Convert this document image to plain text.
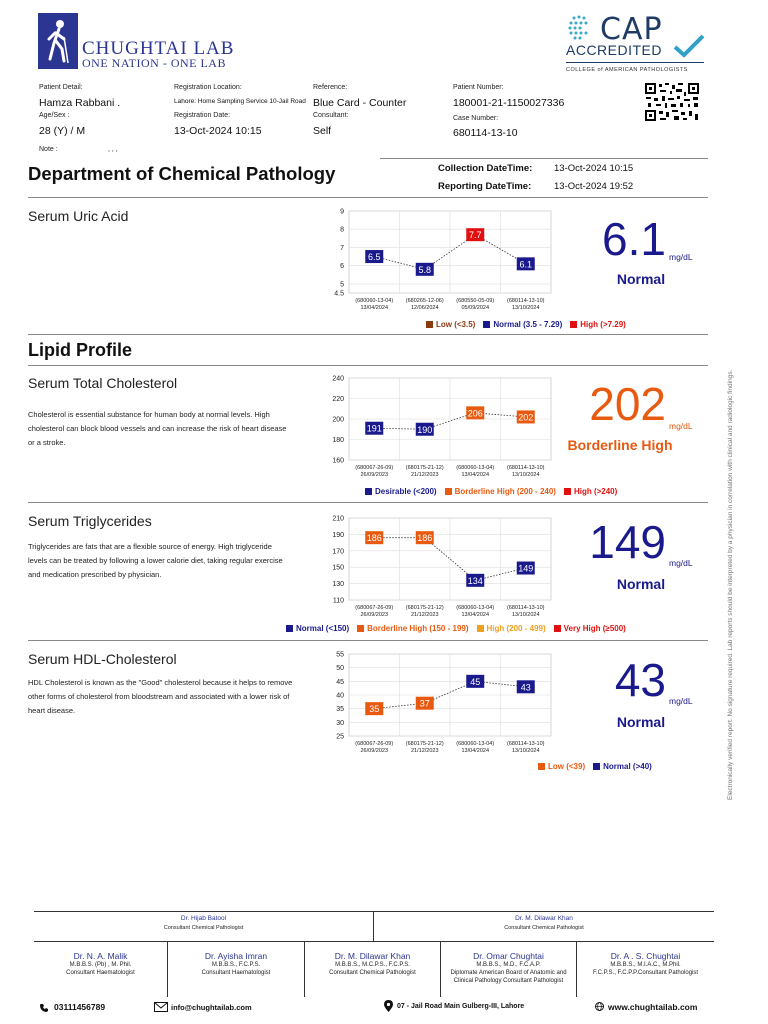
CHUGHTAI LAB
ONE NATION - ONE LAB
CAP
ACCREDITED
COLLEGE of AMERICAN PATHOLOGISTS
Patient Detail:
Hamza Rabbani .
Age/Sex :
28 (Y) / M
Note :	, , ,
Registration Location:
Lahore: Home Sampling Service 10-Jail Road
Registration Date:
13-Oct-2024 10:15
Reference:
Blue Card - Counter
Consultant:
Self
Patient Number:
180001-21-1150027336
Case Number:
680114-13-10
Department of Chemical Pathology	Collection DateTime: 13-Oct-2024 10:15
Reporting DateTime: 13-Oct-2024 19:52
Serum Uric Acid	9
8
7
6
5
4.5
6.5
(680060-13-04)
13/04/2024
5.8
(680265-12-06)
12/06/2024
7.7
(680550-05-09)
05/09/2024
6.1
(680114-13-10)
13/10/2024
6.1 mg/dL
Normal
Low (<3.5) Normal (3.5 - 7.29) High (>7.29)
Lipid Profile
Serum Total Cholesterol
Cholesterol is essential substance for human body at normal levels. High cholesterol can block blood vessels and can increase the risk of heart disease or a stroke.
240
220
200
180
160
191
(680067-26-09)
26/09/2023
190
(680175-21-12)
21/12/2023
206
(680060-13-04)
13/04/2024
202
(680114-13-10)
13/10/2024
202 mg/dL
Borderline High
Desirable (<200) Borderline High (200 - 240) High (>240)
Serum Triglycerides
Triglycerides are fats that are a flexible source of energy. High triglyceride levels can be treated by following a lower calorie diet, taking regular exercise and medication prescribed by physician.
210
190
170
150
130
110
186
(680067-26-09)
26/09/2023
186
(680175-21-12)
21/12/2023
134
(680060-13-04)
13/04/2024
149
(680114-13-10)
13/10/2024
149 mg/dL
Normal
Normal (<150) Borderline High (150 - 199) High (200 - 499) Very High (≥500)
Serum HDL-Cholesterol
HDL Cholesterol is known as the "Good" cholesterol because it helps to remove other forms of cholesterol from bloodstream and associated with a lower risk of heart disease.
55
50
45
40
35
30
25
35
(680067-26-09)
26/09/2023
37
(680175-21-12)
21/12/2023
45
(680060-13-04)
13/04/2024
43
(680114-13-10)
13/10/2024
43 mg/dL
Normal
Low (<39) Normal (>40)	Electronically verified report. No signature required. Lab reports should be interpreted by a physician in correlation with clinical and radiologic findings.
Dr. Hijab Batool
Consultant Chemical Pathologist
Dr. M. Dilawar Khan
Consultant Chemical Pathologist
Dr. N. A. Malik
M.B.B.S. (Pb) , M. Phil.
Consultant Haematologist
Dr. Ayisha Imran
M.B.B.S., F.C.P.S.
Consultant Haematologist
Dr. M. Dilawar Khan
M.B.B.S., M.C.P.S., F.C.P.S.
Consultant Chemical Pathologist
Dr. Omar Chughtai
M.B.B.S., M.D., F.C.A.P.
Diplomate American Board of Anatomic and Clinical Pathology Consultant Pathologist
Dr. A . S. Chughtai
M.B.B.S., M.I.A.C., M.Phil.
F.C.P.S., F.C.P.P.Consultant Pathologist
03111456789	info@chughtailab.com	07 - Jail Road Main Gulberg-III, Lahore	www.chughtailab.com
